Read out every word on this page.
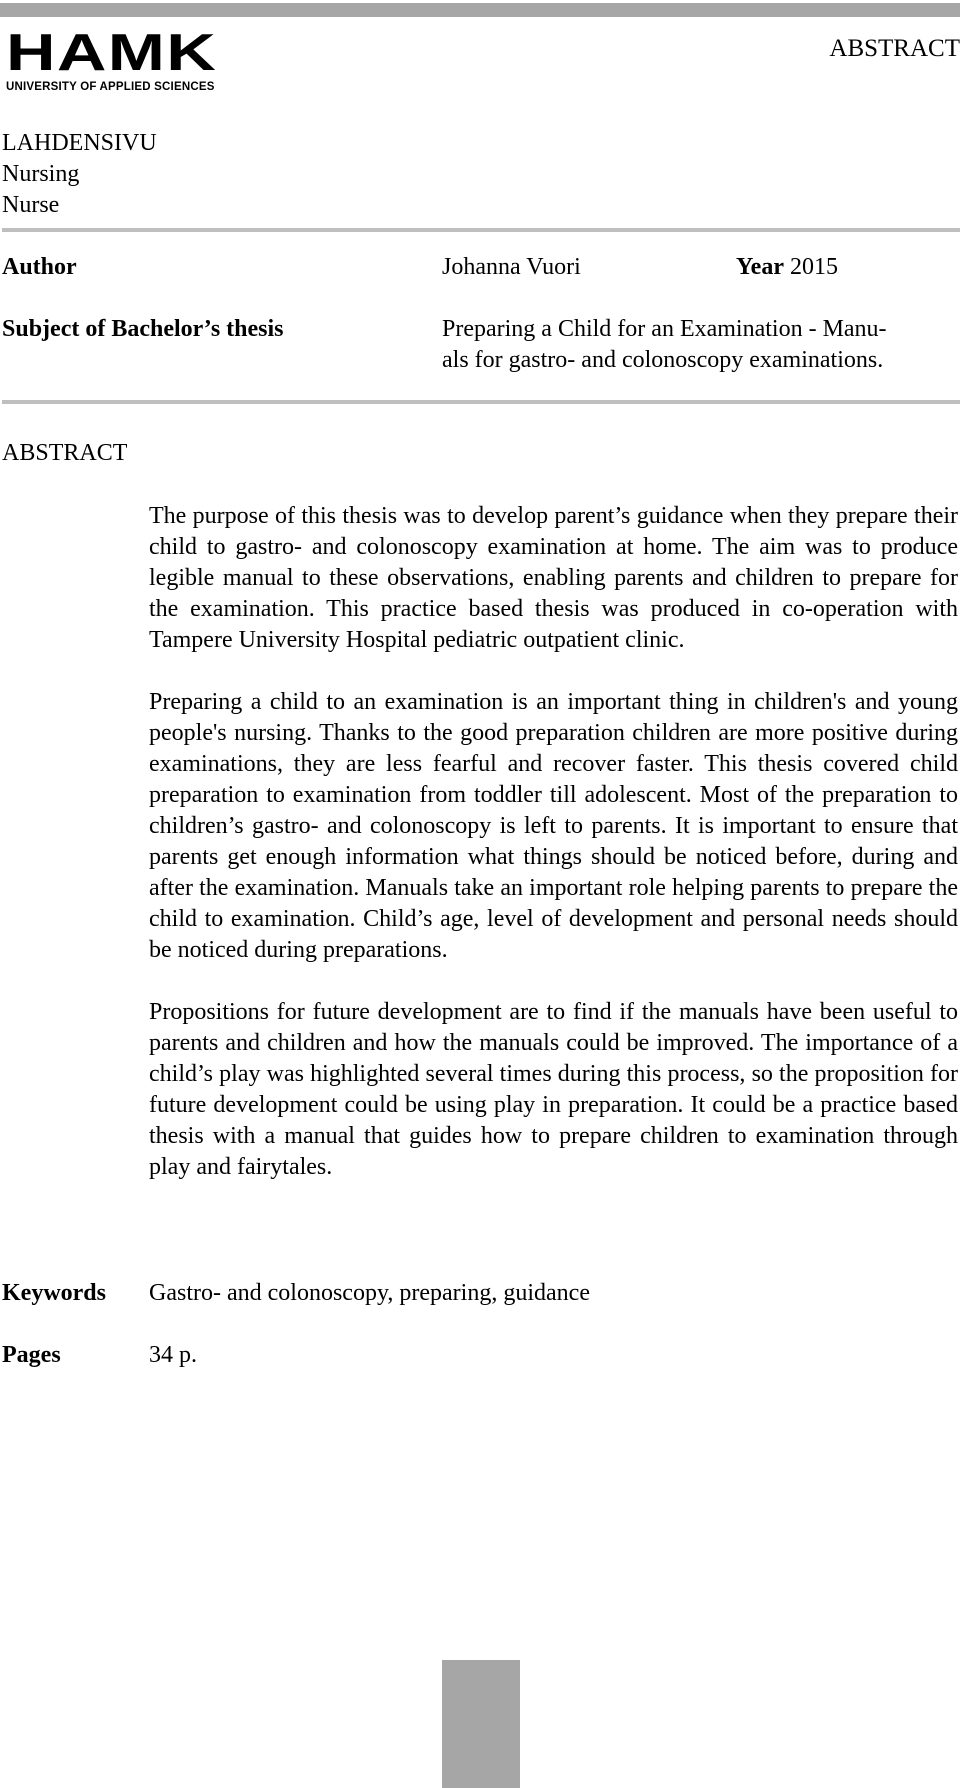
HAMK
UNIVERSITY OF APPLIED SCIENCES
ABSTRACT
LAHDENSIVU
Nursing
Nurse
Author	Johanna Vuori	Year 2015
Subject of Bachelor’s thesis	Preparing a Child for an Examination - Manu-
als for gastro- and colonoscopy examinations.
ABSTRACT

The purpose of this thesis was to develop parent’s guidance when they prepare their child to gastro- and colonoscopy examination at home. The aim was to produce legible manual to these observations, enabling parents and children to prepare for the examination. This practice based thesis was produced in co-operation with Tampere University Hospital pediatric outpatient clinic.

Preparing a child to an examination is an important thing in children's and young people's nursing. Thanks to the good preparation children are more positive during examinations, they are less fearful and recover faster. This thesis covered child preparation to examination from toddler till adolescent. Most of the preparation to children’s gastro- and colonoscopy is left to parents. It is important to ensure that parents get enough information what things should be noticed before, during and after the examination. Manuals take an important role helping parents to prepare the child to examination. Child’s age, level of development and personal needs should be noticed during preparations.

Propositions for future development are to find if the manuals have been useful to parents and children and how the manuals could be improved. The importance of a child’s play was highlighted several times during this process, so the proposition for future development could be using play in preparation. It could be a practice based thesis with a manual that guides how to prepare children to examination through play and fairytales.

Keywords Gastro- and colonoscopy, preparing, guidance
Pages	34 p.
